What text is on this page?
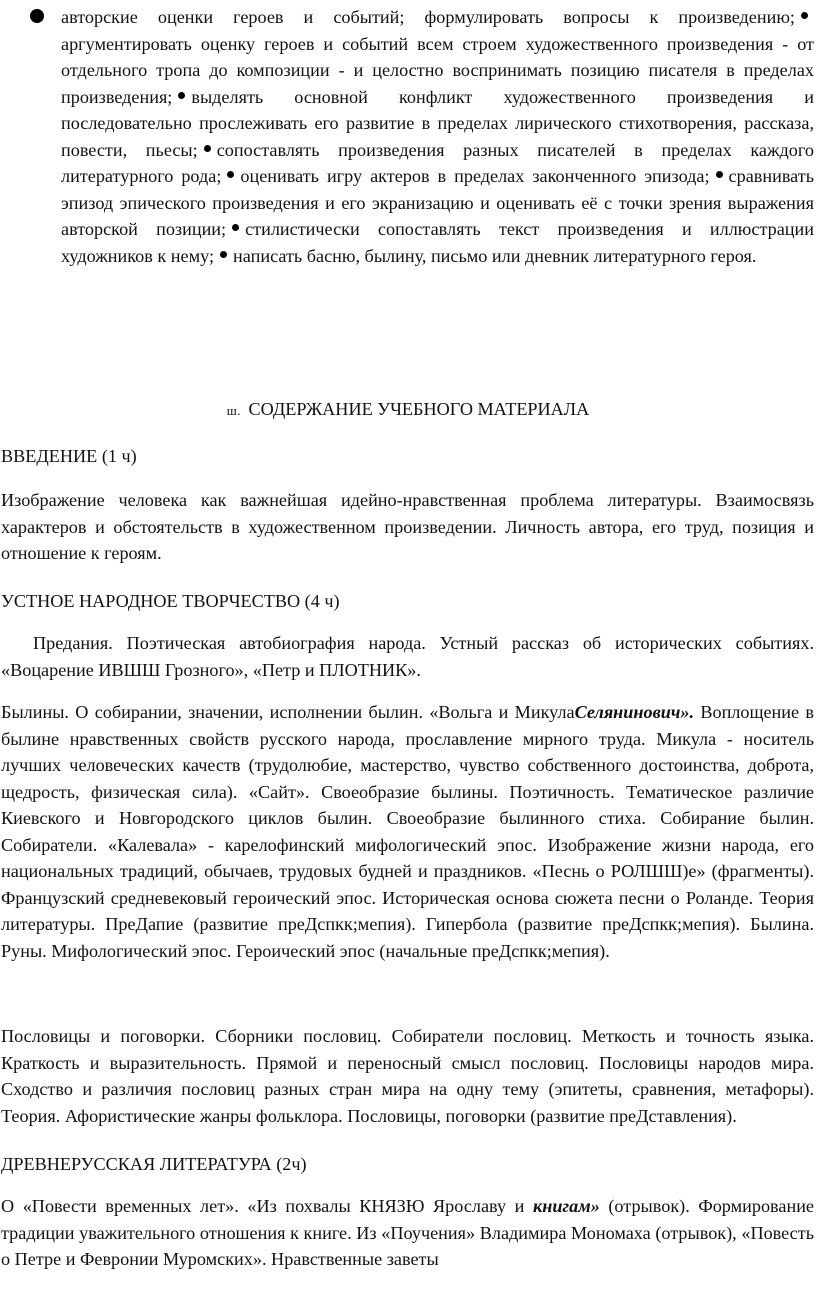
авторские оценки героев и событий; формулировать вопросы к произведению;аргументировать оценку героев и событий всем строем художественного произведения - от отдельного тропа до композиции - и целостно воспринимать позицию писателя в пределах произведения; выделять основной конфликт художественного произведения и последовательно прослеживать его развитие в пределах лирического стихотворения, рассказа, повести, пьесы; сопоставлять произведения разных писателей в пределах каждого литературного рода; оценивать игру актеров в пределах законченного эпизода; сравнивать эпизод эпического произведения и его экранизацию и оценивать её с точки зрения выражения авторской позиции; стилистически сопоставлять текст произведения и иллюстрации художников к нему; написать басню, былину, письмо или дневник литературного героя.
ш. СОДЕРЖАНИЕ УЧЕБНОГО МАТЕРИАЛА
ВВЕДЕНИЕ (1 ч)
Изображение человека как важнейшая идейно-нравственная проблема литературы. Взаимосвязь характеров и обстоятельств в художественном произведении. Личность автора, его труд, позиция и отношение к героям.
УСТНОЕ НАРОДНОЕ ТВОРЧЕСТВО (4 ч)
Предания. Поэтическая автобиография народа. Устный рассказ об исторических событиях. «Воцарение ИВШШ Грозного», «Петр и ПЛОТНИК».
Былины. О собирании, значении, исполнении былин. «Вольга и МикулаСелянинович». Воплощение в былине нравственных свойств русского народа, прославление мирного труда. Микула - носитель лучших человеческих качеств (трудолюбие, мастерство, чувство собственного достоинства, доброта, щедрость, физическая сила). «Сайт». Своеобразие былины. Поэтичность. Тематическое различие Киевского и Новгородского циклов былин. Своеобразие былинного стиха. Собирание былин. Собиратели. «Калевала» - карелофинский мифологический эпос. Изображение жизни народа, его национальных традиций, обычаев, трудовых будней и праздников. «Песнь о РОЛШШ)е» (фрагменты). Французский средневековый героический эпос. Историческая основа сюжета песни о Роланде. Теория литературы. ПреДапие (развитие преДспкк;мепия). Гипербола (развитие преДспкк;мепия). Былина. Руны. Мифологический эпос. Героический эпос (начальные преДспкк;мепия).
Пословицы и поговорки. Сборники пословиц. Собиратели пословиц. Меткость и точность языка. Краткость и выразительность. Прямой и переносный смысл пословиц. Пословицы народов мира. Сходство и различия пословиц разных стран мира на одну тему (эпитеты, сравнения, метафоры). Теория. Афористические жанры фольклора. Пословицы, поговорки (развитие преДставления).
ДРЕВНЕРУССКАЯ ЛИТЕРАТУРА (2ч)
О «Повести временных лет». «Из похвалы КНЯЗЮ Ярославу и книгам» (отрывок). Формирование традиции уважительного отношения к книге. Из «Поучения» Владимира Мономаха (отрывок), «Повесть о Петре и Февронии Муромских». Нравственные заветы
